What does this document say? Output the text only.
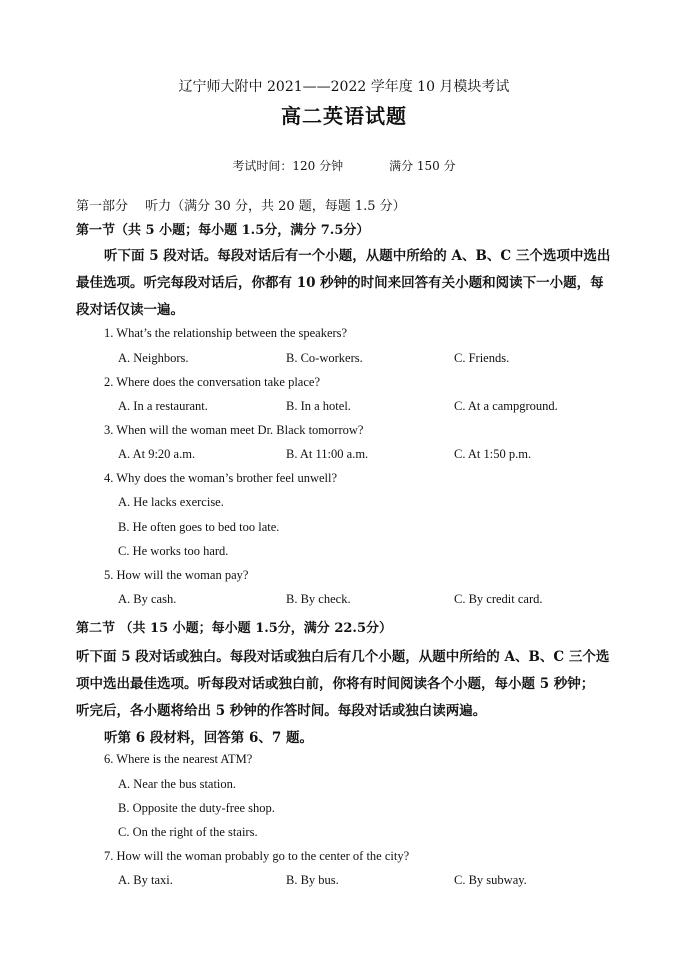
辽宁师大附中 2021——2022 学年度 10 月模块考试
高二英语试题
考试时间：120 分钟	满分 150 分
第一部分　 听力（满分 30 分，共 20 题，每题 1.5 分）
第一节（共 5 小题；每小题 1.5分，满分 7.5分）
听下面 5 段对话。每段对话后有一个小题，从题中所给的 A、B、C 三个选项中选出
最佳选项。听完每段对话后，你都有 10 秒钟的时间来回答有关小题和阅读下一小题，每
段对话仅读一遍。
1. What’s the relationship between the speakers?
A. Neighbors.	B. Co-workers.	C. Friends.
2. Where does the conversation take place?
A. In a restaurant.	B. In a hotel.	C. At a campground.
3. When will the woman meet Dr. Black tomorrow?
A. At 9:20 a.m.	B. At 11:00 a.m.	C. At 1:50 p.m.
4. Why does the woman’s brother feel unwell?
A. He lacks exercise.
B. He often goes to bed too late.
C. He works too hard.
5. How will the woman pay?
A. By cash.	B. By check.	C. By credit card.
第二节 （共 15 小题；每小题 1.5分，满分 22.5分）
听下面 5 段对话或独白。每段对话或独白后有几个小题，从题中所给的 A、B、C 三个选
项中选出最佳选项。听每段对话或独白前，你将有时间阅读各个小题，每小题 5 秒钟；
听完后，各小题将给出 5 秒钟的作答时间。每段对话或独白读两遍。
听第 6 段材料，回答第 6、7 题。
6. Where is the nearest ATM?
A. Near the bus station.
B. Opposite the duty-free shop.
C. On the right of the stairs.
7. How will the woman probably go to the center of the city?
A. By taxi.	B. By bus.	C. By subway.
